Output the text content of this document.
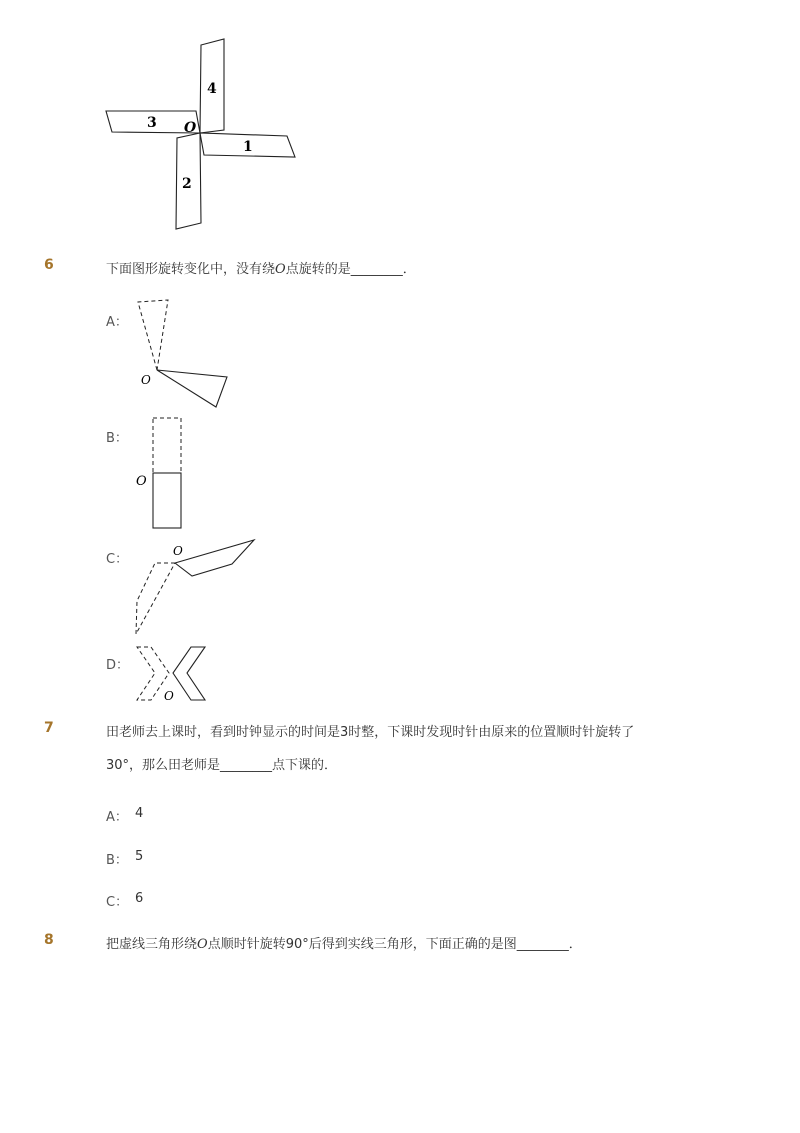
4
3
1
2
O
6	下面图形旋转变化中，没有绕O点旋转的是________．
A：
O
B：
O
C：
O
D：
O
7	田老师去上课时，看到时钟显示的时间是3时整，下课时发现时针由原来的位置顺时针旋转了
30°，那么田老师是________点下课的．
A： 4
B： 5
C： 6
8	把虚线三角形绕O点顺时针旋转90°后得到实线三角形，下面正确的是图________．
